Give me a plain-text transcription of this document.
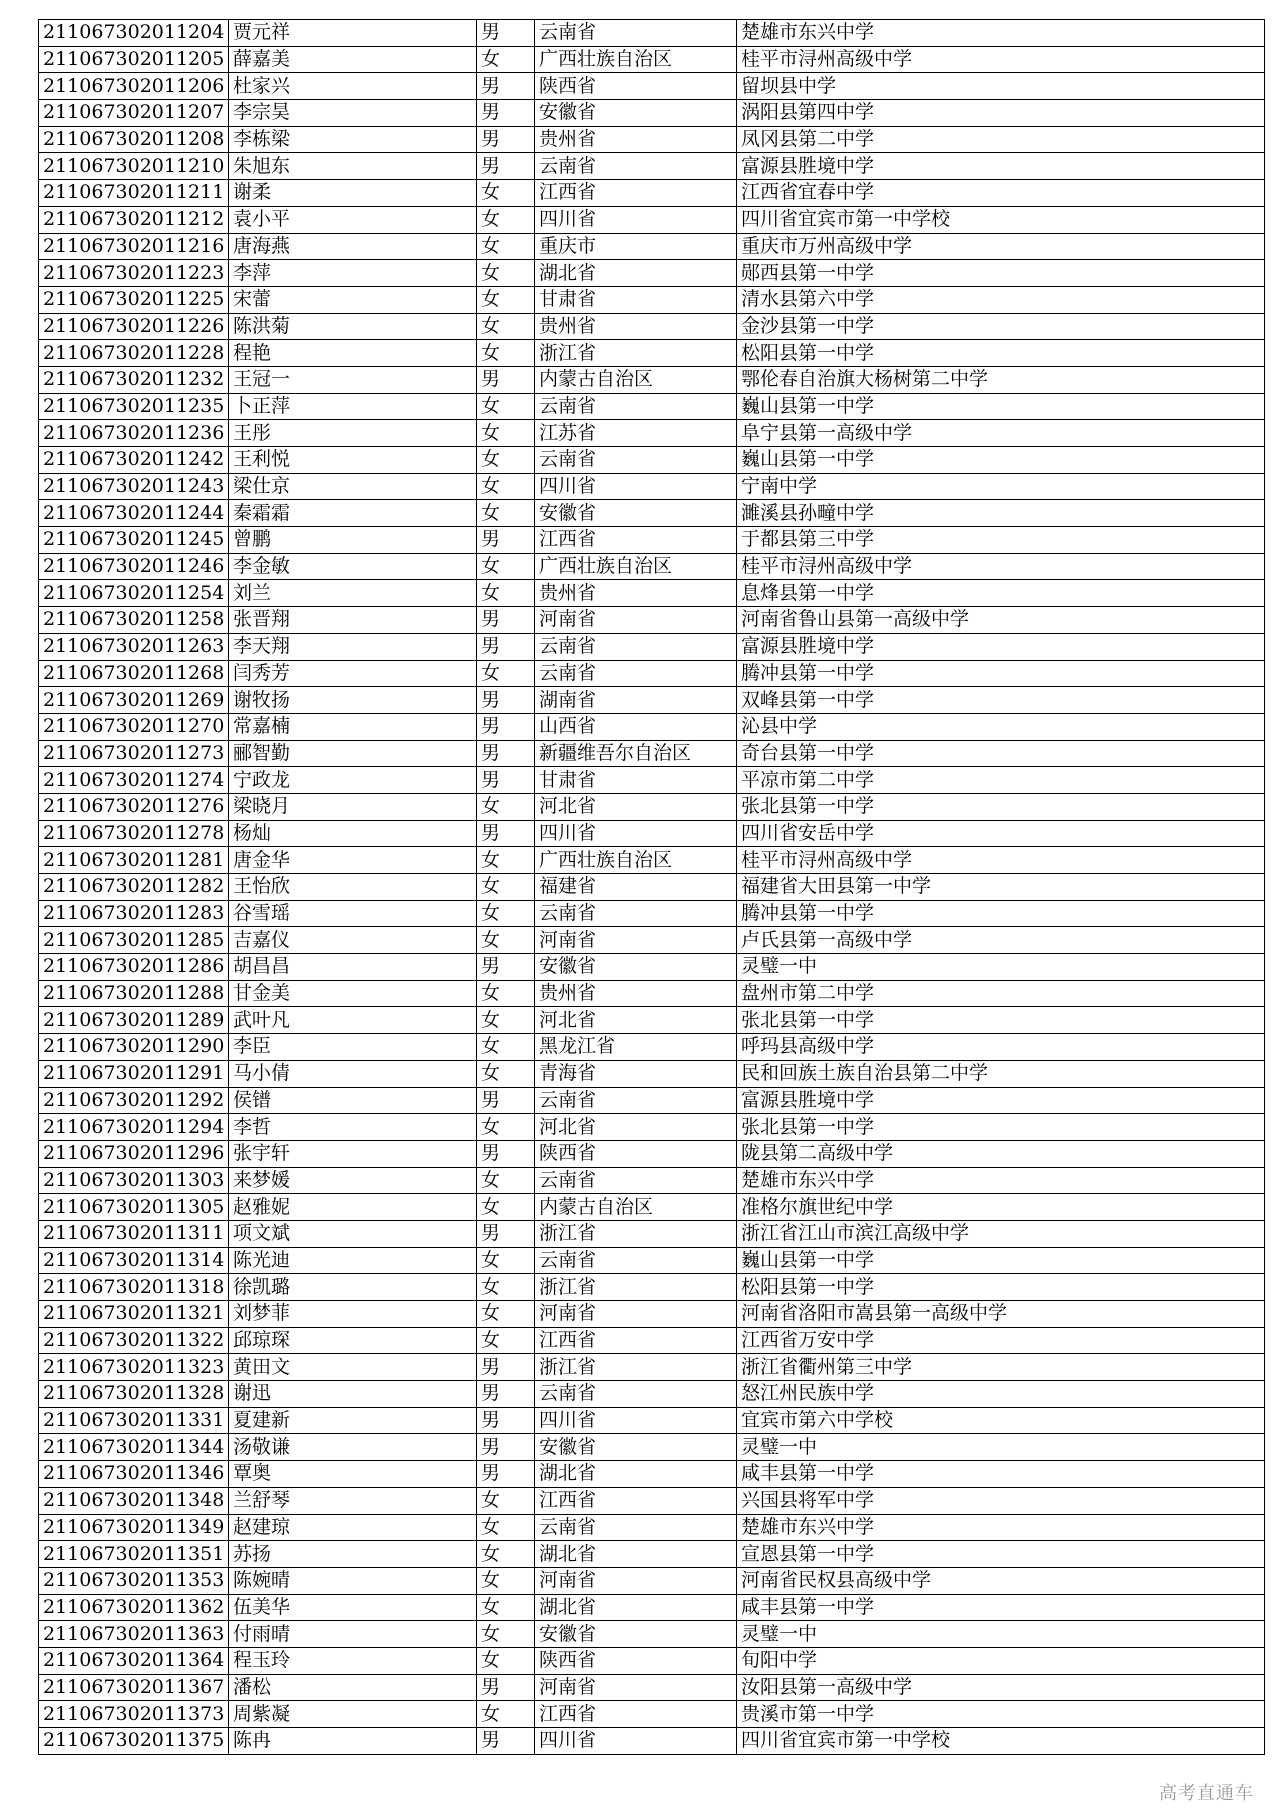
211067302011204	贾元祥	男	云南省	楚雄市东兴中学
211067302011205	薛嘉美	女	广西壮族自治区	桂平市浔州高级中学
211067302011206	杜家兴	男	陕西省	留坝县中学
211067302011207	李宗昊	男	安徽省	涡阳县第四中学
211067302011208	李栋梁	男	贵州省	凤冈县第二中学
211067302011210	朱旭东	男	云南省	富源县胜境中学
211067302011211	谢柔	女	江西省	江西省宜春中学
211067302011212	袁小平	女	四川省	四川省宜宾市第一中学校
211067302011216	唐海燕	女	重庆市	重庆市万州高级中学
211067302011223	李萍	女	湖北省	郧西县第一中学
211067302011225	宋蕾	女	甘肃省	清水县第六中学
211067302011226	陈洪菊	女	贵州省	金沙县第一中学
211067302011228	程艳	女	浙江省	松阳县第一中学
211067302011232	王冠一	男	内蒙古自治区	鄂伦春自治旗大杨树第二中学
211067302011235	卜正萍	女	云南省	巍山县第一中学
211067302011236	王彤	女	江苏省	阜宁县第一高级中学
211067302011242	王利悦	女	云南省	巍山县第一中学
211067302011243	梁仕京	女	四川省	宁南中学
211067302011244	秦霜霜	女	安徽省	濉溪县孙疃中学
211067302011245	曾鹏	男	江西省	于都县第三中学
211067302011246	李金敏	女	广西壮族自治区	桂平市浔州高级中学
211067302011254	刘兰	女	贵州省	息烽县第一中学
211067302011258	张晋翔	男	河南省	河南省鲁山县第一高级中学
211067302011263	李天翔	男	云南省	富源县胜境中学
211067302011268	闫秀芳	女	云南省	腾冲县第一中学
211067302011269	谢牧扬	男	湖南省	双峰县第一中学
211067302011270	常嘉楠	男	山西省	沁县中学
211067302011273	郦智勤	男	新疆维吾尔自治区	奇台县第一中学
211067302011274	宁政龙	男	甘肃省	平凉市第二中学
211067302011276	梁晓月	女	河北省	张北县第一中学
211067302011278	杨灿	男	四川省	四川省安岳中学
211067302011281	唐金华	女	广西壮族自治区	桂平市浔州高级中学
211067302011282	王怡欣	女	福建省	福建省大田县第一中学
211067302011283	谷雪瑶	女	云南省	腾冲县第一中学
211067302011285	吉嘉仪	女	河南省	卢氏县第一高级中学
211067302011286	胡昌昌	男	安徽省	灵璧一中
211067302011288	甘金美	女	贵州省	盘州市第二中学
211067302011289	武叶凡	女	河北省	张北县第一中学
211067302011290	李臣	女	黑龙江省	呼玛县高级中学
211067302011291	马小倩	女	青海省	民和回族土族自治县第二中学
211067302011292	侯镨	男	云南省	富源县胜境中学
211067302011294	李哲	女	河北省	张北县第一中学
211067302011296	张宇轩	男	陕西省	陇县第二高级中学
211067302011303	来梦媛	女	云南省	楚雄市东兴中学
211067302011305	赵雅妮	女	内蒙古自治区	准格尔旗世纪中学
211067302011311	项文斌	男	浙江省	浙江省江山市滨江高级中学
211067302011314	陈光迪	女	云南省	巍山县第一中学
211067302011318	徐凯璐	女	浙江省	松阳县第一中学
211067302011321	刘梦菲	女	河南省	河南省洛阳市嵩县第一高级中学
211067302011322	邱琼琛	女	江西省	江西省万安中学
211067302011323	黄田文	男	浙江省	浙江省衢州第三中学
211067302011328	谢迅	男	云南省	怒江州民族中学
211067302011331	夏建新	男	四川省	宜宾市第六中学校
211067302011344	汤敬谦	男	安徽省	灵璧一中
211067302011346	覃奥	男	湖北省	咸丰县第一中学
211067302011348	兰舒琴	女	江西省	兴国县将军中学
211067302011349	赵建琼	女	云南省	楚雄市东兴中学
211067302011351	苏扬	女	湖北省	宣恩县第一中学
211067302011353	陈婉晴	女	河南省	河南省民权县高级中学
211067302011362	伍美华	女	湖北省	咸丰县第一中学
211067302011363	付雨晴	女	安徽省	灵璧一中
211067302011364	程玉玲	女	陕西省	旬阳中学
211067302011367	潘松	男	河南省	汝阳县第一高级中学
211067302011373	周紫凝	女	江西省	贵溪市第一中学
211067302011375	陈冉	男	四川省	四川省宜宾市第一中学校
高考直通车
